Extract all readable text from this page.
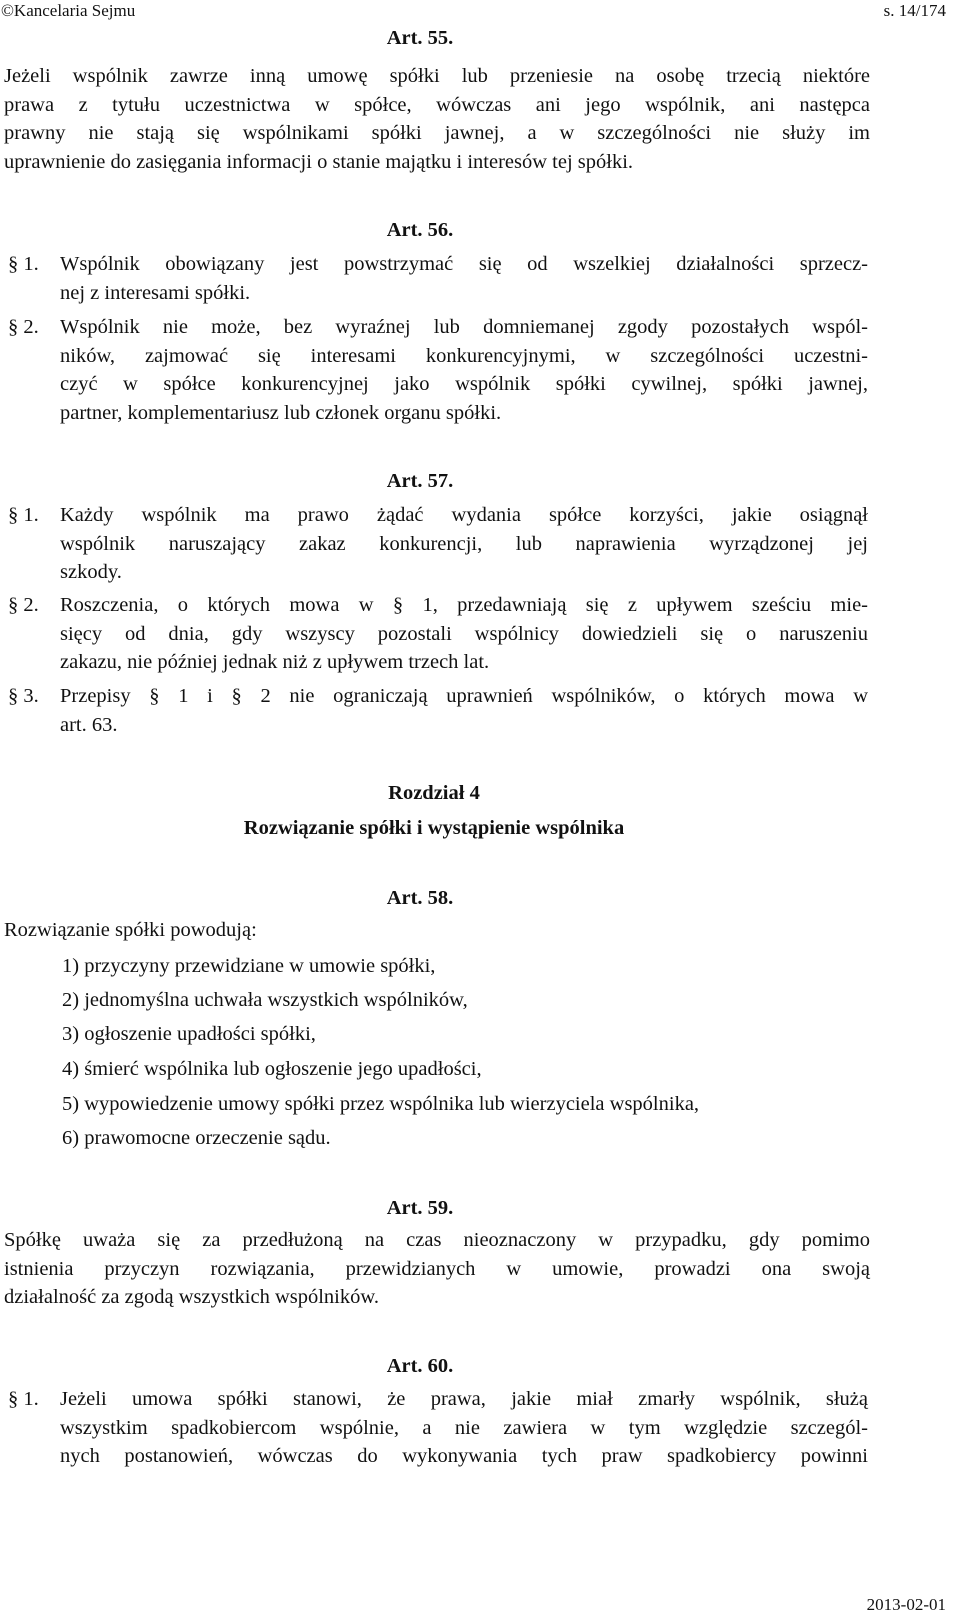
©Kancelaria Sejmu	s. 14/174
Art. 55.
Jeżeli wspólnik zawrze inną umowę spółki lub przeniesie na osobę trzecią niektóre
prawa z tytułu uczestnictwa w spółce, wówczas ani jego wspólnik, ani następca
prawny nie stają się wspólnikami spółki jawnej, a w szczególności nie służy im
uprawnienie do zasięgania informacji o stanie majątku i interesów tej spółki.
Art. 56.
§ 1. Wspólnik obowiązany jest powstrzymać się od wszelkiej działalności sprzecz-
nej z interesami spółki.
§ 2. Wspólnik nie może, bez wyraźnej lub domniemanej zgody pozostałych wspól-
ników, zajmować się interesami konkurencyjnymi, w szczególności uczestni-
czyć w spółce konkurencyjnej jako wspólnik spółki cywilnej, spółki jawnej,
partner, komplementariusz lub członek organu spółki.
Art. 57.
§ 1. Każdy wspólnik ma prawo żądać wydania spółce korzyści, jakie osiągnął
wspólnik naruszający zakaz konkurencji, lub naprawienia wyrządzonej jej
szkody.
§ 2. Roszczenia, o których mowa w § 1, przedawniają się z upływem sześciu mie-
sięcy od dnia, gdy wszyscy pozostali wspólnicy dowiedzieli się o naruszeniu
zakazu, nie później jednak niż z upływem trzech lat.
§ 3. Przepisy § 1 i § 2 nie ograniczają uprawnień wspólników, o których mowa w
art. 63.
Rozdział 4
Rozwiązanie spółki i wystąpienie wspólnika
Art. 58.
Rozwiązanie spółki powodują:
1) przyczyny przewidziane w umowie spółki,
2) jednomyślna uchwała wszystkich wspólników,
3) ogłoszenie upadłości spółki,
4) śmierć wspólnika lub ogłoszenie jego upadłości,
5) wypowiedzenie umowy spółki przez wspólnika lub wierzyciela wspólnika,
6) prawomocne orzeczenie sądu.
Art. 59.
Spółkę uważa się za przedłużoną na czas nieoznaczony w przypadku, gdy pomimo
istnienia przyczyn rozwiązania, przewidzianych w umowie, prowadzi ona swoją
działalność za zgodą wszystkich wspólników.
Art. 60.
§ 1. Jeżeli umowa spółki stanowi, że prawa, jakie miał zmarły wspólnik, służą
wszystkim spadkobiercom wspólnie, a nie zawiera w tym względzie szczegól-
nych postanowień, wówczas do wykonywania tych praw spadkobiercy powinni
2013-02-01
